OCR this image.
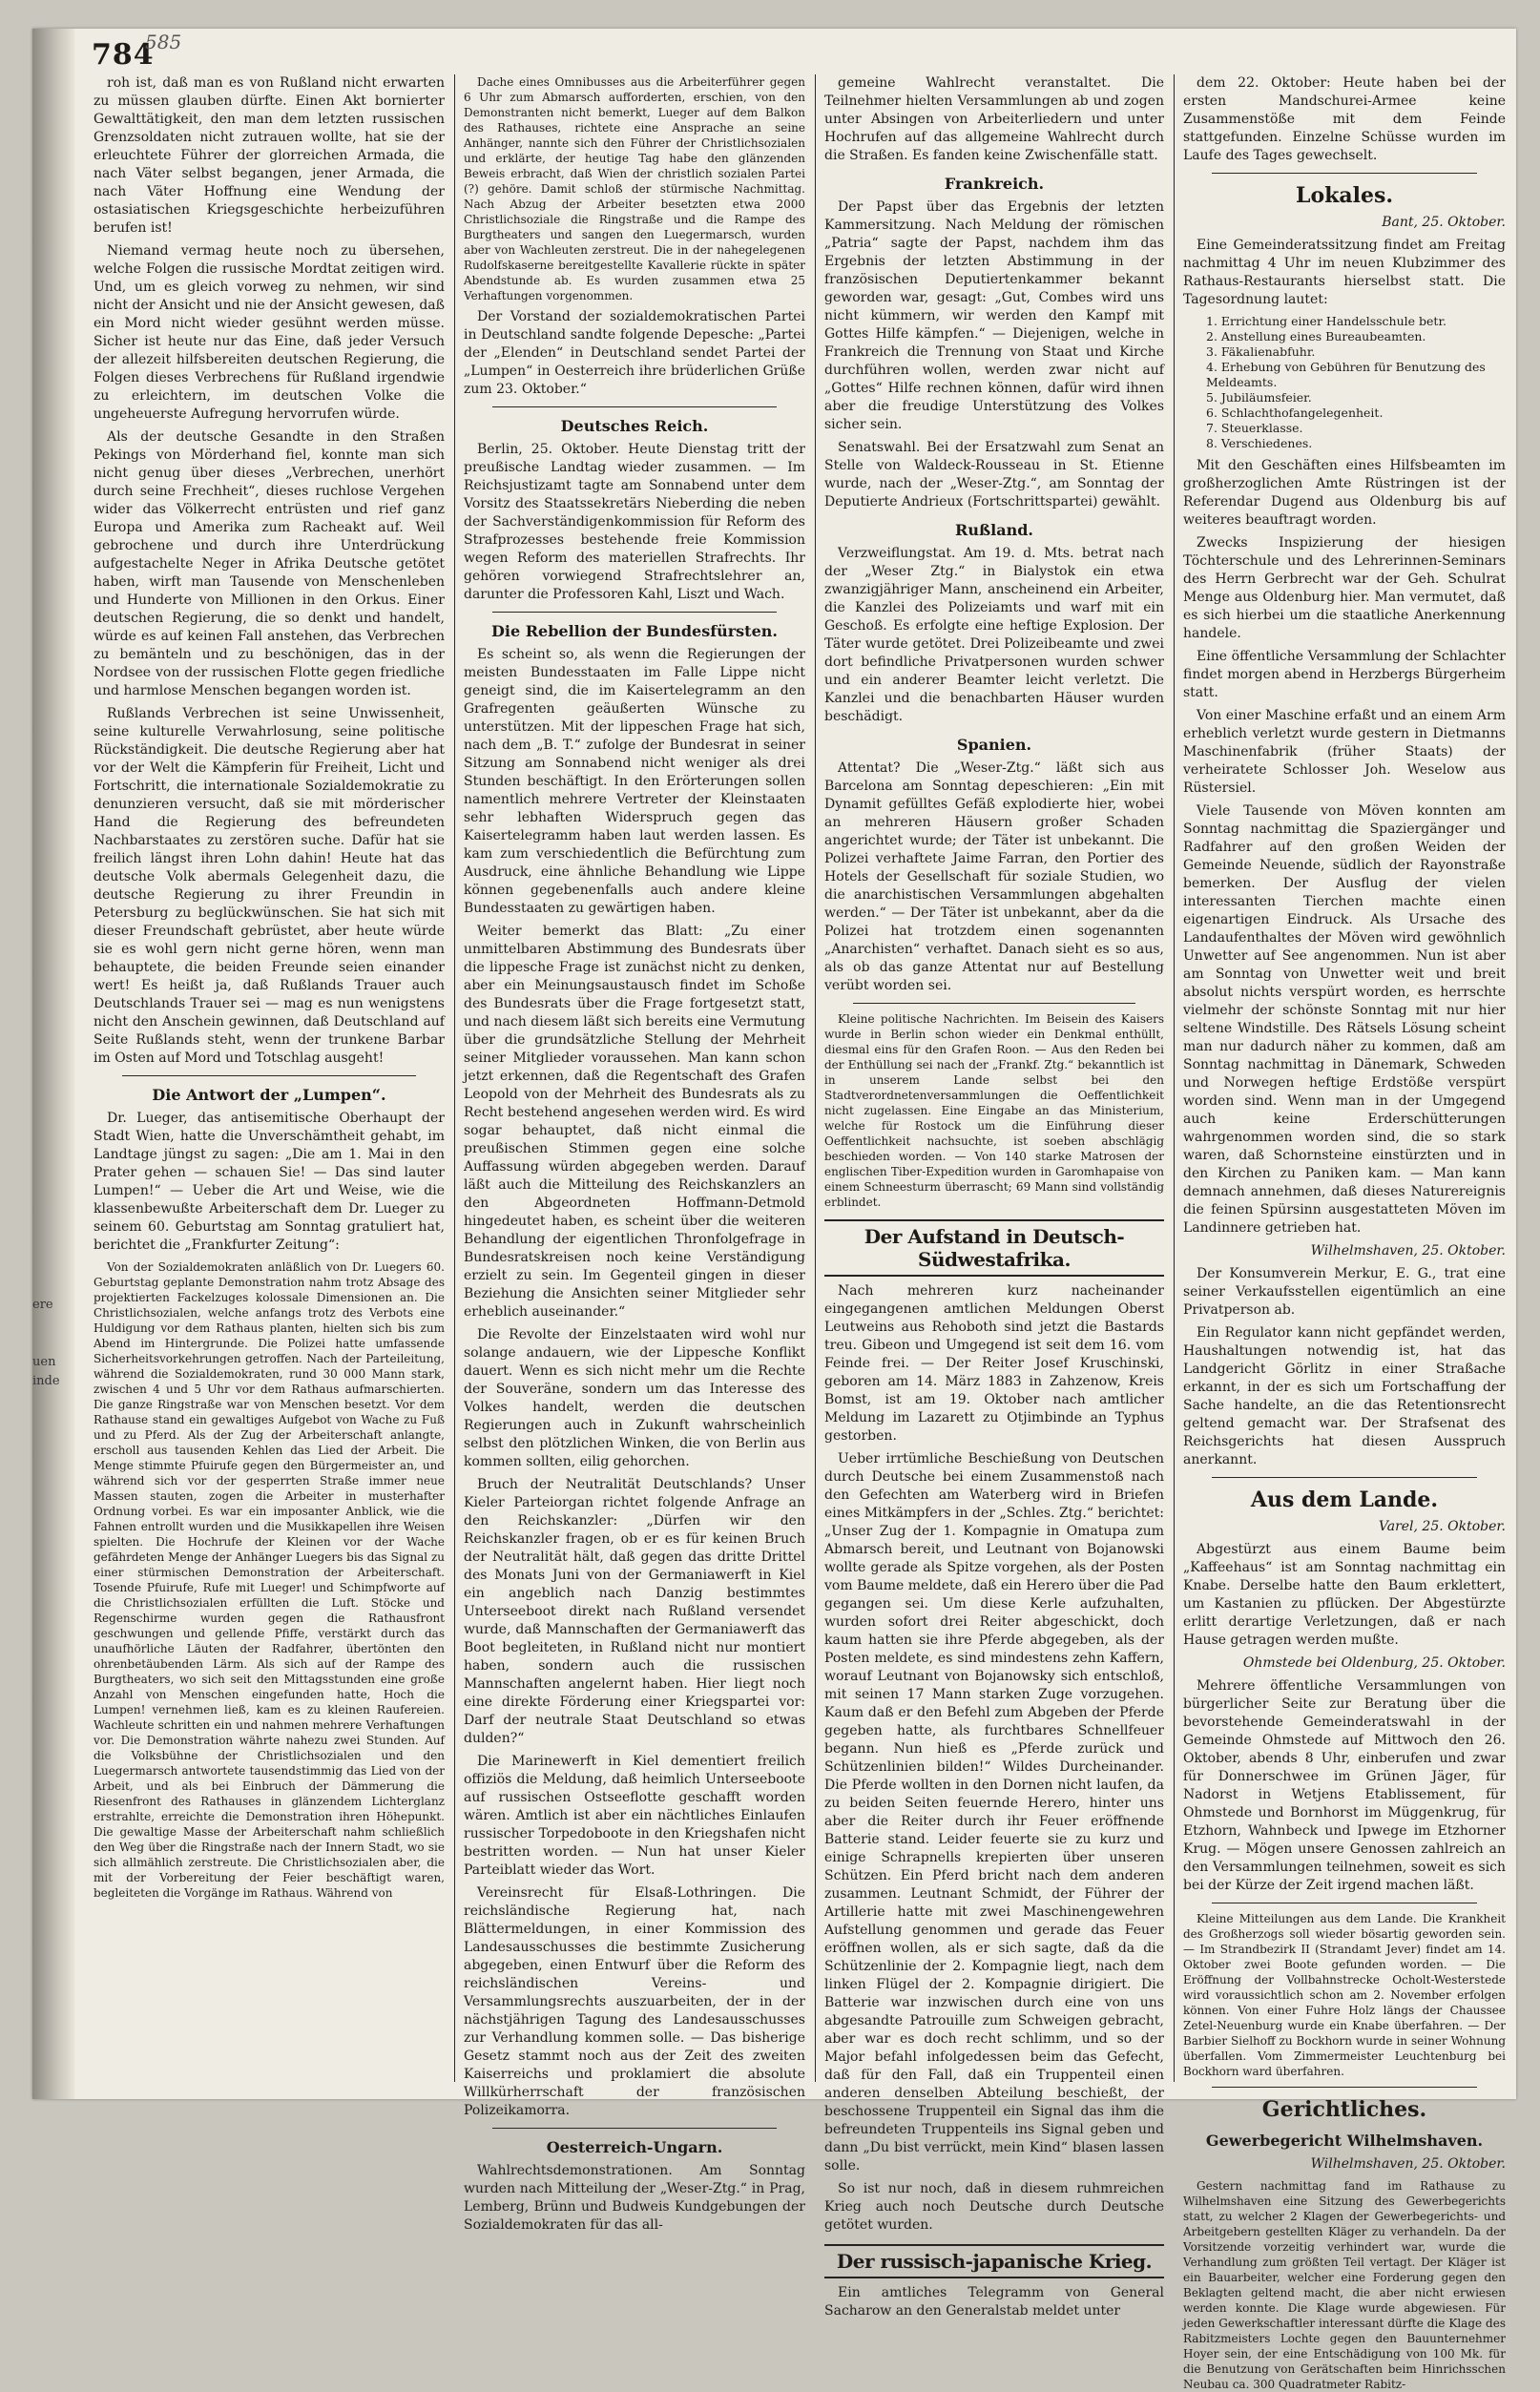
ere
uen
inde
784
585

roh ist, daß man es von Rußland nicht erwarten zu müssen glauben dürfte. Einen Akt bornierter Gewalttätigkeit, den man dem letzten russischen Grenzsoldaten nicht zutrauen wollte, hat sie der erleuchtete Führer der glorreichen Armada, die nach Väter selbst begangen, jener Armada, die nach Väter Hoffnung eine Wendung der ostasiatischen Kriegsgeschichte herbeizuführen berufen ist!

Niemand vermag heute noch zu übersehen, welche Folgen die russische Mordtat zeitigen wird. Und, um es gleich vorweg zu nehmen, wir sind nicht der Ansicht und nie der Ansicht gewesen, daß ein Mord nicht wieder gesühnt werden müsse. Sicher ist heute nur das Eine, daß jeder Versuch der allezeit hilfsbereiten deutschen Regierung, die Folgen dieses Verbrechens für Rußland irgendwie zu erleichtern, im deutschen Volke die ungeheuerste Aufregung hervorrufen würde.

Als der deutsche Gesandte in den Straßen Pekings von Mörderhand fiel, konnte man sich nicht genug über dieses „Verbrechen, unerhört durch seine Frechheit“, dieses ruchlose Vergehen wider das Völkerrecht entrüsten und rief ganz Europa und Amerika zum Racheakt auf. Weil gebrochene und durch ihre Unterdrückung aufgestachelte Neger in Afrika Deutsche getötet haben, wirft man Tausende von Menschenleben und Hunderte von Millionen in den Orkus. Einer deutschen Regierung, die so denkt und handelt, würde es auf keinen Fall anstehen, das Verbrechen zu bemänteln und zu beschönigen, das in der Nordsee von der russischen Flotte gegen friedliche und harmlose Menschen begangen worden ist.

Rußlands Verbrechen ist seine Unwissenheit, seine kulturelle Verwahrlosung, seine politische Rückständigkeit. Die deutsche Regierung aber hat vor der Welt die Kämpferin für Freiheit, Licht und Fortschritt, die internationale Sozialdemokratie zu denunzieren versucht, daß sie mit mörderischer Hand die Regierung des befreundeten Nachbarstaates zu zerstören suche. Dafür hat sie freilich längst ihren Lohn dahin! Heute hat das deutsche Volk abermals Gelegenheit dazu, die deutsche Regierung zu ihrer Freundin in Petersburg zu beglückwünschen. Sie hat sich mit dieser Freundschaft gebrüstet, aber heute würde sie es wohl gern nicht gerne hören, wenn man behauptete, die beiden Freunde seien einander wert! Es heißt ja, daß Rußlands Trauer auch Deutschlands Trauer sei — mag es nun wenigstens nicht den Anschein gewinnen, daß Deutschland auf Seite Rußlands steht, wenn der trunkene Barbar im Osten auf Mord und Totschlag ausgeht!

Die Antwort der „Lumpen“.

Dr. Lueger, das antisemitische Oberhaupt der Stadt Wien, hatte die Unverschämtheit gehabt, im Landtage jüngst zu sagen: „Die am 1. Mai in den Prater gehen — schauen Sie! — Das sind lauter Lumpen!“ — Ueber die Art und Weise, wie die klassenbewußte Arbeiterschaft dem Dr. Lueger zu seinem 60. Geburtstag am Sonntag gratuliert hat, berichtet die „Frankfurter Zeitung“:

Von der Sozialdemokraten anläßlich von Dr. Luegers 60. Geburtstag geplante Demonstration nahm trotz Absage des projektierten Fackelzuges kolossale Dimensionen an. Die Christlichsozialen, welche anfangs trotz des Verbots eine Huldigung vor dem Rathaus planten, hielten sich bis zum Abend im Hintergrunde. Die Polizei hatte umfassende Sicherheitsvorkehrungen getroffen. Nach der Parteileitung, während die Sozialdemokraten, rund 30 000 Mann stark, zwischen 4 und 5 Uhr vor dem Rathaus aufmarschierten. Die ganze Ringstraße war von Menschen besetzt. Vor dem Rathause stand ein gewaltiges Aufgebot von Wache zu Fuß und zu Pferd. Als der Zug der Arbeiterschaft anlangte, erscholl aus tausenden Kehlen das Lied der Arbeit. Die Menge stimmte Pfuirufe gegen den Bürgermeister an, und während sich vor der gesperrten Straße immer neue Massen stauten, zogen die Arbeiter in musterhafter Ordnung vorbei. Es war ein imposanter Anblick, wie die Fahnen entrollt wurden und die Musikkapellen ihre Weisen spielten. Die Hochrufe der Kleinen vor der Wache gefährdeten Menge der Anhänger Luegers bis das Signal zu einer stürmischen Demonstration der Arbeiterschaft. Tosende Pfuirufe, Rufe mit Lueger! und Schimpfworte auf die Christlichsozialen erfüllten die Luft. Stöcke und Regenschirme wurden gegen die Rathausfront geschwungen und gellende Pfiffe, verstärkt durch das unaufhörliche Läuten der Radfahrer, übertönten den ohrenbetäubenden Lärm. Als sich auf der Rampe des Burgtheaters, wo sich seit den Mittagsstunden eine große Anzahl von Menschen eingefunden hatte, Hoch die Lumpen! vernehmen ließ, kam es zu kleinen Raufereien. Wachleute schritten ein und nahmen mehrere Verhaftungen vor. Die Demonstration währte nahezu zwei Stunden. Auf die Volksbühne der Christlichsozialen und den Luegermarsch antwortete tausendstimmig das Lied von der Arbeit, und als bei Einbruch der Dämmerung die Riesenfront des Rathauses in glänzendem Lichterglanz erstrahlte, erreichte die Demonstration ihren Höhepunkt. Die gewaltige Masse der Arbeiterschaft nahm schließlich den Weg über die Ringstraße nach der Innern Stadt, wo sie sich allmählich zerstreute. Die Christlichsozialen aber, die mit der Vorbereitung der Feier beschäftigt waren, begleiteten die Vorgänge im Rathaus. Während von

Dache eines Omnibusses aus die Arbeiterführer gegen 6 Uhr zum Abmarsch aufforderten, erschien, von den Demonstranten nicht bemerkt, Lueger auf dem Balkon des Rathauses, richtete eine Ansprache an seine Anhänger, nannte sich den Führer der Christlichsozialen und erklärte, der heutige Tag habe den glänzenden Beweis erbracht, daß Wien der christlich sozialen Partei (?) gehöre. Damit schloß der stürmische Nachmittag. Nach Abzug der Arbeiter besetzten etwa 2000 Christlichsoziale die Ringstraße und die Rampe des Burgtheaters und sangen den Luegermarsch, wurden aber von Wachleuten zerstreut. Die in der nahegelegenen Rudolfskaserne bereitgestellte Kavallerie rückte in später Abendstunde ab. Es wurden zusammen etwa 25 Verhaftungen vorgenommen.

Der Vorstand der sozialdemokratischen Partei in Deutschland sandte folgende Depesche: „Partei der „Elenden“ in Deutschland sendet Partei der „Lumpen“ in Oesterreich ihre brüderlichen Grüße zum 23. Oktober.“

Deutsches Reich.

Berlin, 25. Oktober. Heute Dienstag tritt der preußische Landtag wieder zusammen. — Im Reichsjustizamt tagte am Sonnabend unter dem Vorsitz des Staatssekretärs Nieberding die neben der Sachverständigenkommission für Reform des Strafprozesses bestehende freie Kommission wegen Reform des materiellen Strafrechts. Ihr gehören vorwiegend Strafrechtslehrer an, darunter die Professoren Kahl, Liszt und Wach.

Die Rebellion der Bundesfürsten.

Es scheint so, als wenn die Regierungen der meisten Bundesstaaten im Falle Lippe nicht geneigt sind, die im Kaisertelegramm an den Grafregenten geäußerten Wünsche zu unterstützen. Mit der lippeschen Frage hat sich, nach dem „B. T.“ zufolge der Bundesrat in seiner Sitzung am Sonnabend nicht weniger als drei Stunden beschäftigt. In den Erörterungen sollen namentlich mehrere Vertreter der Kleinstaaten sehr lebhaften Widerspruch gegen das Kaisertelegramm haben laut werden lassen. Es kam zum verschiedentlich die Befürchtung zum Ausdruck, eine ähnliche Behandlung wie Lippe können gegebenenfalls auch andere kleine Bundesstaaten zu gewärtigen haben.

Weiter bemerkt das Blatt: „Zu einer unmittelbaren Abstimmung des Bundesrats über die lippesche Frage ist zunächst nicht zu denken, aber ein Meinungsaustausch findet im Schoße des Bundesrats über die Frage fortgesetzt statt, und nach diesem läßt sich bereits eine Vermutung über die grundsätzliche Stellung der Mehrheit seiner Mitglieder voraussehen. Man kann schon jetzt erkennen, daß die Regentschaft des Grafen Leopold von der Mehrheit des Bundesrats als zu Recht bestehend angesehen werden wird. Es wird sogar behauptet, daß nicht einmal die preußischen Stimmen gegen eine solche Auffassung würden abgegeben werden. Darauf läßt auch die Mitteilung des Reichskanzlers an den Abgeordneten Hoffmann-Detmold hingedeutet haben, es scheint über die weiteren Behandlung der eigentlichen Thronfolgefrage in Bundesratskreisen noch keine Verständigung erzielt zu sein. Im Gegenteil gingen in dieser Beziehung die Ansichten seiner Mitglieder sehr erheblich auseinander.“

Die Revolte der Einzelstaaten wird wohl nur solange andauern, wie der Lippesche Konflikt dauert. Wenn es sich nicht mehr um die Rechte der Souveräne, sondern um das Interesse des Volkes handelt, werden die deutschen Regierungen auch in Zukunft wahrscheinlich selbst den plötzlichen Winken, die von Berlin aus kommen sollten, eilig gehorchen.

Bruch der Neutralität Deutschlands? Unser Kieler Parteiorgan richtet folgende Anfrage an den Reichskanzler: „Dürfen wir den Reichskanzler fragen, ob er es für keinen Bruch der Neutralität hält, daß gegen das dritte Drittel des Monats Juni von der Germaniawerft in Kiel ein angeblich nach Danzig bestimmtes Unterseeboot direkt nach Rußland versendet wurde, daß Mannschaften der Germaniawerft das Boot begleiteten, in Rußland nicht nur montiert haben, sondern auch die russischen Mannschaften angelernt haben. Hier liegt noch eine direkte Förderung einer Kriegspartei vor: Darf der neutrale Staat Deutschland so etwas dulden?“

Die Marinewerft in Kiel dementiert freilich offiziös die Meldung, daß heimlich Unterseeboote auf russischen Ostseeflotte geschafft worden wären. Amtlich ist aber ein nächtliches Einlaufen russischer Torpedoboote in den Kriegshafen nicht bestritten worden. — Nun hat unser Kieler Parteiblatt wieder das Wort.

Vereinsrecht für Elsaß-Lothringen. Die reichsländische Regierung hat, nach Blättermeldungen, in einer Kommission des Landesausschusses die bestimmte Zusicherung abgegeben, einen Entwurf über die Reform des reichsländischen Vereins- und Versammlungsrechts auszuarbeiten, der in der nächstjährigen Tagung des Landesausschusses zur Verhandlung kommen solle. — Das bisherige Gesetz stammt noch aus der Zeit des zweiten Kaiserreichs und proklamiert die absolute Willkürherrschaft der französischen Polizeikamorra.

Oesterreich-Ungarn.

Wahlrechtsdemonstrationen. Am Sonntag wurden nach Mitteilung der „Weser-Ztg.“ in Prag, Lemberg, Brünn und Budweis Kundgebungen der Sozialdemokraten für das all-

gemeine Wahlrecht veranstaltet. Die Teilnehmer hielten Versammlungen ab und zogen unter Absingen von Arbeiterliedern und unter Hochrufen auf das allgemeine Wahlrecht durch die Straßen. Es fanden keine Zwischenfälle statt.

Frankreich.

Der Papst über das Ergebnis der letzten Kammersitzung. Nach Meldung der römischen „Patria“ sagte der Papst, nachdem ihm das Ergebnis der letzten Abstimmung in der französischen Deputiertenkammer bekannt geworden war, gesagt: „Gut, Combes wird uns nicht kümmern, wir werden den Kampf mit Gottes Hilfe kämpfen.“ — Diejenigen, welche in Frankreich die Trennung von Staat und Kirche durchführen wollen, werden zwar nicht auf „Gottes“ Hilfe rechnen können, dafür wird ihnen aber die freudige Unterstützung des Volkes sicher sein.

Senatswahl. Bei der Ersatzwahl zum Senat an Stelle von Waldeck-Rousseau in St. Etienne wurde, nach der „Weser-Ztg.“, am Sonntag der Deputierte Andrieux (Fortschrittspartei) gewählt.

Rußland.

Verzweiflungstat. Am 19. d. Mts. betrat nach der „Weser Ztg.“ in Bialystok ein etwa zwanzigjähriger Mann, anscheinend ein Arbeiter, die Kanzlei des Polizeiamts und warf mit ein Geschoß. Es erfolgte eine heftige Explosion. Der Täter wurde getötet. Drei Polizeibeamte und zwei dort befindliche Privatpersonen wurden schwer und ein anderer Beamter leicht verletzt. Die Kanzlei und die benachbarten Häuser wurden beschädigt.

Spanien.

Attentat? Die „Weser-Ztg.“ läßt sich aus Barcelona am Sonntag depeschieren: „Ein mit Dynamit gefülltes Gefäß explodierte hier, wobei an mehreren Häusern großer Schaden angerichtet wurde; der Täter ist unbekannt. Die Polizei verhaftete Jaime Farran, den Portier des Hotels der Gesellschaft für soziale Studien, wo die anarchistischen Versammlungen abgehalten werden.“ — Der Täter ist unbekannt, aber da die Polizei hat trotzdem einen sogenannten „Anarchisten“ verhaftet. Danach sieht es so aus, als ob das ganze Attentat nur auf Bestellung verübt worden sei.

Kleine politische Nachrichten. Im Beisein des Kaisers wurde in Berlin schon wieder ein Denkmal enthüllt, diesmal eins für den Grafen Roon. — Aus den Reden bei der Enthüllung sei nach der „Frankf. Ztg.“ bekanntlich ist in unserem Lande selbst bei den Stadtverordnetenversammlungen die Oeffentlichkeit nicht zugelassen. Eine Eingabe an das Ministerium, welche für Rostock um die Einführung dieser Oeffentlichkeit nachsuchte, ist soeben abschlägig beschieden worden. — Von 140 starke Matrosen der englischen Tiber-Expedition wurden in Garomhapaise von einem Schneesturm überrascht; 69 Mann sind vollständig erblindet.

Der Aufstand in Deutsch-Südwestafrika.

Nach mehreren kurz nacheinander eingegangenen amtlichen Meldungen Oberst Leutweins aus Rehoboth sind jetzt die Bastards treu. Gibeon und Umgegend ist seit dem 16. vom Feinde frei. — Der Reiter Josef Kruschinski, geboren am 14. März 1883 in Zahzenow, Kreis Bomst, ist am 19. Oktober nach amtlicher Meldung im Lazarett zu Otjimbinde an Typhus gestorben.

Ueber irrtümliche Beschießung von Deutschen durch Deutsche bei einem Zusammenstoß nach den Gefechten am Waterberg wird in Briefen eines Mitkämpfers in der „Schles. Ztg.“ berichtet: „Unser Zug der 1. Kompagnie in Omatupa zum Abmarsch bereit, und Leutnant von Bojanowski wollte gerade als Spitze vorgehen, als der Posten vom Baume meldete, daß ein Herero über die Pad gegangen sei. Um diese Kerle aufzuhalten, wurden sofort drei Reiter abgeschickt, doch kaum hatten sie ihre Pferde abgegeben, als der Posten meldete, es sind mindestens zehn Kaffern, worauf Leutnant von Bojanowsky sich entschloß, mit seinen 17 Mann starken Zuge vorzugehen. Kaum daß er den Befehl zum Abgeben der Pferde gegeben hatte, als furchtbares Schnellfeuer begann. Nun hieß es „Pferde zurück und Schützenlinien bilden!“ Wildes Durcheinander. Die Pferde wollten in den Dornen nicht laufen, da zu beiden Seiten feuernde Herero, hinter uns aber die Reiter durch ihr Feuer eröffnende Batterie stand. Leider feuerte sie zu kurz und einige Schrapnells krepierten über unseren Schützen. Ein Pferd bricht nach dem anderen zusammen. Leutnant Schmidt, der Führer der Artillerie hatte mit zwei Maschinengewehren Aufstellung genommen und gerade das Feuer eröffnen wollen, als er sich sagte, daß da die Schützenlinie der 2. Kompagnie liegt, nach dem linken Flügel der 2. Kompagnie dirigiert. Die Batterie war inzwischen durch eine von uns abgesandte Patrouille zum Schweigen gebracht, aber war es doch recht schlimm, und so der Major befahl infolgedessen beim das Gefecht, daß für den Fall, daß ein Truppenteil einen anderen denselben Abteilung beschießt, der beschossene Truppenteil ein Signal das ihm die befreundeten Truppenteils ins Signal geben und dann „Du bist verrückt, mein Kind“ blasen lassen solle.

So ist nur noch, daß in diesem ruhmreichen Krieg auch noch Deutsche durch Deutsche getötet wurden.

Der russisch-japanische Krieg.

Ein amtliches Telegramm von General Sacharow an den Generalstab meldet unter

dem 22. Oktober: Heute haben bei der ersten Mandschurei-Armee keine Zusammenstöße mit dem Feinde stattgefunden. Einzelne Schüsse wurden im Laufe des Tages gewechselt.

Lokales.

Bant, 25. Oktober.

Eine Gemeinderatssitzung findet am Freitag nachmittag 4 Uhr im neuen Klubzimmer des Rathaus-Restaurants hierselbst statt. Die Tagesordnung lautet:

1. Errichtung einer Handelsschule betr.
2. Anstellung eines Bureaubeamten.
3. Fäkalienabfuhr.
4. Erhebung von Gebühren für Benutzung des Meldeamts.
5. Jubiläumsfeier.
6. Schlachthofangelegenheit.
7. Steuerklasse.
8. Verschiedenes.

Mit den Geschäften eines Hilfsbeamten im großherzoglichen Amte Rüstringen ist der Referendar Dugend aus Oldenburg bis auf weiteres beauftragt worden.

Zwecks Inspizierung der hiesigen Töchterschule und des Lehrerinnen-Seminars des Herrn Gerbrecht war der Geh. Schulrat Menge aus Oldenburg hier. Man vermutet, daß es sich hierbei um die staatliche Anerkennung handele.

Eine öffentliche Versammlung der Schlachter findet morgen abend in Herzbergs Bürgerheim statt.

Von einer Maschine erfaßt und an einem Arm erheblich verletzt wurde gestern in Dietmanns Maschinenfabrik (früher Staats) der verheiratete Schlosser Joh. Weselow aus Rüstersiel.

Viele Tausende von Möven konnten am Sonntag nachmittag die Spaziergänger und Radfahrer auf den großen Weiden der Gemeinde Neuende, südlich der Rayonstraße bemerken. Der Ausflug der vielen interessanten Tierchen machte einen eigenartigen Eindruck. Als Ursache des Landaufenthaltes der Möven wird gewöhnlich Unwetter auf See angenommen. Nun ist aber am Sonntag von Unwetter weit und breit absolut nichts verspürt worden, es herrschte vielmehr der schönste Sonntag mit nur hier seltene Windstille. Des Rätsels Lösung scheint man nur dadurch näher zu kommen, daß am Sonntag nachmittag in Dänemark, Schweden und Norwegen heftige Erdstöße verspürt worden sind. Wenn man in der Umgegend auch keine Erderschütterungen wahrgenommen worden sind, die so stark waren, daß Schornsteine einstürzten und in den Kirchen zu Paniken kam. — Man kann demnach annehmen, daß dieses Naturereignis die feinen Spürsinn ausgestatteten Möven im Landinnere getrieben hat.

Wilhelmshaven, 25. Oktober.

Der Konsumverein Merkur, E. G., trat eine seiner Verkaufsstellen eigentümlich an eine Privatperson ab.

Ein Regulator kann nicht gepfändet werden, Haushaltungen notwendig ist, hat das Landgericht Görlitz in einer Straßache erkannt, in der es sich um Fortschaffung der Sache handelte, an die das Retentionsrecht geltend gemacht war. Der Strafsenat des Reichsgerichts hat diesen Ausspruch anerkannt.

Aus dem Lande.

Varel, 25. Oktober.

Abgestürzt aus einem Baume beim „Kaffeehaus“ ist am Sonntag nachmittag ein Knabe. Derselbe hatte den Baum erklettert, um Kastanien zu pflücken. Der Abgestürzte erlitt derartige Verletzungen, daß er nach Hause getragen werden mußte.

Ohmstede bei Oldenburg, 25. Oktober.

Mehrere öffentliche Versammlungen von bürgerlicher Seite zur Beratung über die bevorstehende Gemeinderatswahl in der Gemeinde Ohmstede auf Mittwoch den 26. Oktober, abends 8 Uhr, einberufen und zwar für Donnerschwee im Grünen Jäger, für Nadorst in Wetjens Etablissement, für Ohmstede und Bornhorst im Müggenkrug, für Etzhorn, Wahnbeck und Ipwege im Etzhorner Krug. — Mögen unsere Genossen zahlreich an den Versammlungen teilnehmen, soweit es sich bei der Kürze der Zeit irgend machen läßt.

Kleine Mitteilungen aus dem Lande. Die Krankheit des Großherzogs soll wieder bösartig geworden sein. — Im Strandbezirk II (Strandamt Jever) findet am 14. Oktober zwei Boote gefunden worden. — Die Eröffnung der Vollbahnstrecke Ocholt-Westerstede wird voraussichtlich schon am 2. November erfolgen können. Von einer Fuhre Holz längs der Chaussee Zetel-Neuenburg wurde ein Knabe überfahren. — Der Barbier Sielhoff zu Bockhorn wurde in seiner Wohnung überfallen. Vom Zimmermeister Leuchtenburg bei Bockhorn ward überfahren.

Gerichtliches.
Gewerbegericht Wilhelmshaven.

Wilhelmshaven, 25. Oktober.

Gestern nachmittag fand im Rathause zu Wilhelmshaven eine Sitzung des Gewerbegerichts statt, zu welcher 2 Klagen der Gewerbegerichts- und Arbeitgebern gestellten Kläger zu verhandeln. Da der Vorsitzende vorzeitig verhindert war, wurde die Verhandlung zum größten Teil vertagt. Der Kläger ist ein Bauarbeiter, welcher eine Forderung gegen den Beklagten geltend macht, die aber nicht erwiesen werden konnte. Die Klage wurde abgewiesen. Für jeden Gewerkschaftler interessant dürfte die Klage des Rabitzmeisters Lochte gegen den Bauunternehmer Hoyer sein, der eine Entschädigung von 100 Mk. für die Benutzung von Gerätschaften beim Hinrichsschen Neubau ca. 300 Quadratmeter Rabitz-
